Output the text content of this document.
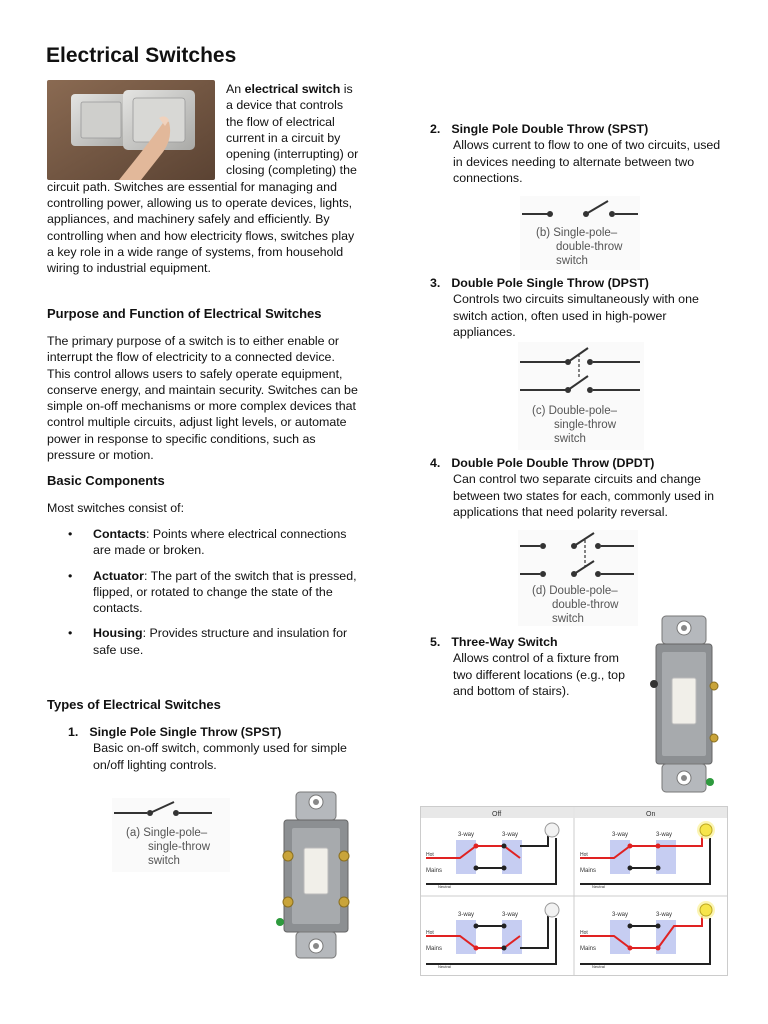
Electrical Switches

An electrical switch is a device that controls the flow of electrical current in a circuit by opening (interrupting) or closing (completing) the circuit path. Switches are essential for managing and controlling power, allowing us to operate devices, lights, appliances, and machinery safely and efficiently. By controlling when and how electricity flows, switches play a key role in a wide range of systems, from household wiring to industrial equipment.

Purpose and Function of Electrical Switches

The primary purpose of a switch is to either enable or interrupt the flow of electricity to a connected device. This control allows users to safely operate equipment, conserve energy, and maintain security. Switches can be simple on-off mechanisms or more complex devices that control multiple circuits, adjust light levels, or automate power in response to specific conditions, such as pressure or motion.

Basic Components

Most switches consist of:

• Contacts: Points where electrical connections are made or broken.
• Actuator: The part of the switch that is pressed, flipped, or rotated to change the state of the contacts.
• Housing: Provides structure and insulation for safe use.
Types of Electrical Switches
1. Single Pole Single Throw (SPST)

Basic on-off switch, commonly used for simple on/off lighting controls.

(a) Single-pole–
single-throw
switch
2. Single Pole Double Throw (SPST)

Allows current to flow to one of two circuits, used in devices needing to alternate between two connections.

(b) Single-pole–
double-throw
switch
3. Double Pole Single Throw (DPST)

Controls two circuits simultaneously with one switch action, often used in high-power appliances.

(c) Double-pole–
single-throw
switch
4. Double Pole Double Throw (DPDT)

Can control two separate circuits and change between two states for each, commonly used in applications that need polarity reversal.

(d) Double-pole–
double-throw
switch
5. Three-Way Switch

Allows control of a fixture from two different locations (e.g., top and bottom of stairs).

Off	On
3-way	3-way
Hot
Mains
Neutral
3-way	3-way
Hot
Mains
Neutral
3-way	3-way
Hot
Mains
Neutral
3-way	3-way
Hot
Mains
Neutral
